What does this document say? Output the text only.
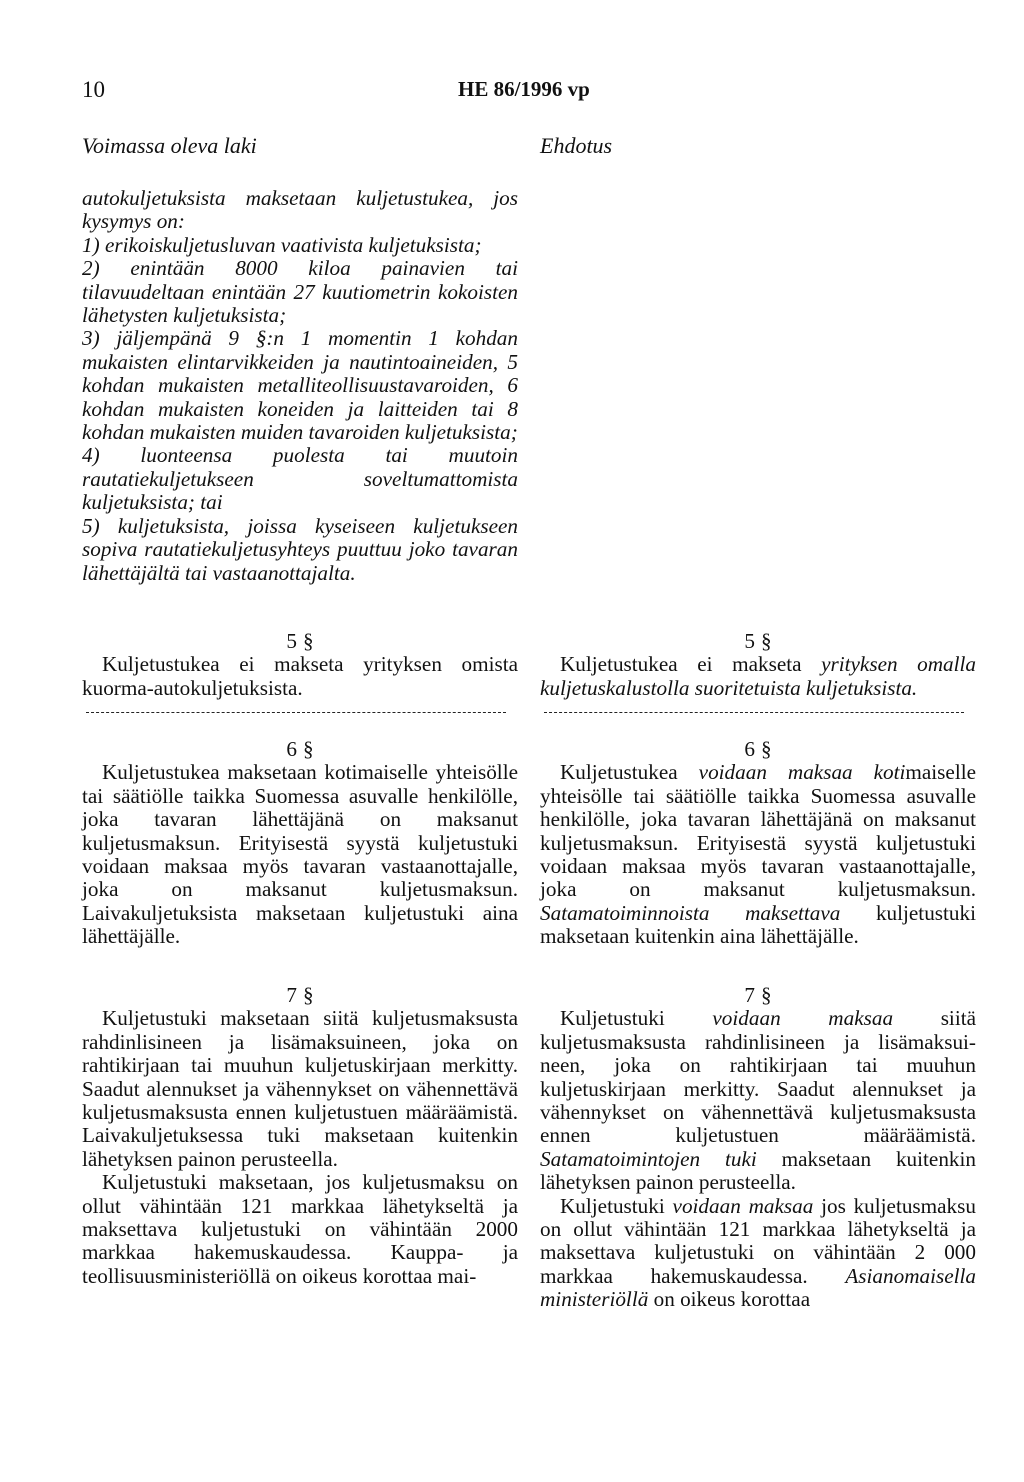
10	HE 86/1996 vp
Voimassa oleva laki	Ehdotus

autokuljetuksista maksetaan kuljetustukea, jos kysymys on:

1) erikoiskuljetusluvan vaativista kuljetuksista;

2) enintään 8000 kiloa painavien tai tilavuudeltaan enintään 27 kuutiometrin kokoisten lähetysten kuljetuksista;

3) jäljempänä 9 §:n 1 momentin 1 kohdan mukaisten elintarvikkeiden ja nautintoaineiden, 5 kohdan mukaisten metalliteollisuustavaroiden, 6 kohdan mukaisten koneiden ja laitteiden tai 8 kohdan mukaisten muiden tavaroiden kuljetuksista;

4) luonteensa puolesta tai muutoin rautatiekuljetukseen soveltumattomista kuljetuksista; tai

5) kuljetuksista, joissa kyseiseen kuljetukseen sopiva rautatiekuljetusyhteys puuttuu joko tavaran lähettäjältä tai vastaanottajalta.

5 §

Kuljetustukea ei makseta yrityksen omista kuorma-autokuljetuksista.

5 §

Kuljetustukea ei makseta yrityksen omalla kuljetuskalustolla suoritetuista kuljetuksista.

6 §

Kuljetustukea maksetaan kotimaiselle yhteisölle tai säätiölle taikka Suomessa asuvalle henkilölle, joka tavaran lähettäjänä on maksanut kuljetusmaksun. Erityisestä syystä kuljetustuki voidaan maksaa myös tavaran vastaanottajalle, joka on maksanut kuljetusmaksun. Laivakuljetuksista maksetaan kuljetustuki aina lähettäjälle.

6 §

Kuljetustukea voidaan maksaa kotimaiselle yhteisölle tai säätiölle taikka Suomessa asuvalle henkilölle, joka tavaran lähettäjänä on maksanut kuljetusmaksun. Erityisestä syystä kuljetustuki voidaan maksaa myös tavaran vastaanottajalle, joka on maksanut kuljetusmaksun. Satamatoiminnoista maksettava kuljetustuki maksetaan kuitenkin aina lähettäjälle.

7 §

Kuljetustuki maksetaan siitä kuljetusmaksusta rahdinlisineen ja lisämaksuineen, joka on rahtikirjaan tai muuhun kuljetuskirjaan merkitty. Saadut alennukset ja vähennykset on vähennettävä kuljetusmaksusta ennen kuljetustuen määräämistä. Laivakuljetuksessa tuki maksetaan kuitenkin lähetyksen painon perusteella.

Kuljetustuki maksetaan, jos kuljetusmaksu on ollut vähintään 121 markkaa lähetykseltä ja maksettava kuljetustuki on vähintään 2000 markkaa hakemuskaudessa. Kauppa- ja teollisuusministeriöllä on oikeus korottaa mai-

7 §

Kuljetustuki voidaan maksaa siitä kuljetusmaksusta rahdinlisineen ja lisämaksui-neen, joka on rahtikirjaan tai muuhun kuljetuskirjaan merkitty. Saadut alennukset ja vähennykset on vähennettävä kuljetusmaksusta ennen kuljetustuen määräämistä. Satamatoimintojen tuki maksetaan kuitenkin lähetyksen painon perusteella.

Kuljetustuki voidaan maksaa jos kuljetusmaksu on ollut vähintään 121 markkaa lähetykseltä ja maksettava kuljetustuki on vähintään 2 000 markkaa hakemuskaudessa. Asianomaisella ministeriöllä on oikeus korottaa
